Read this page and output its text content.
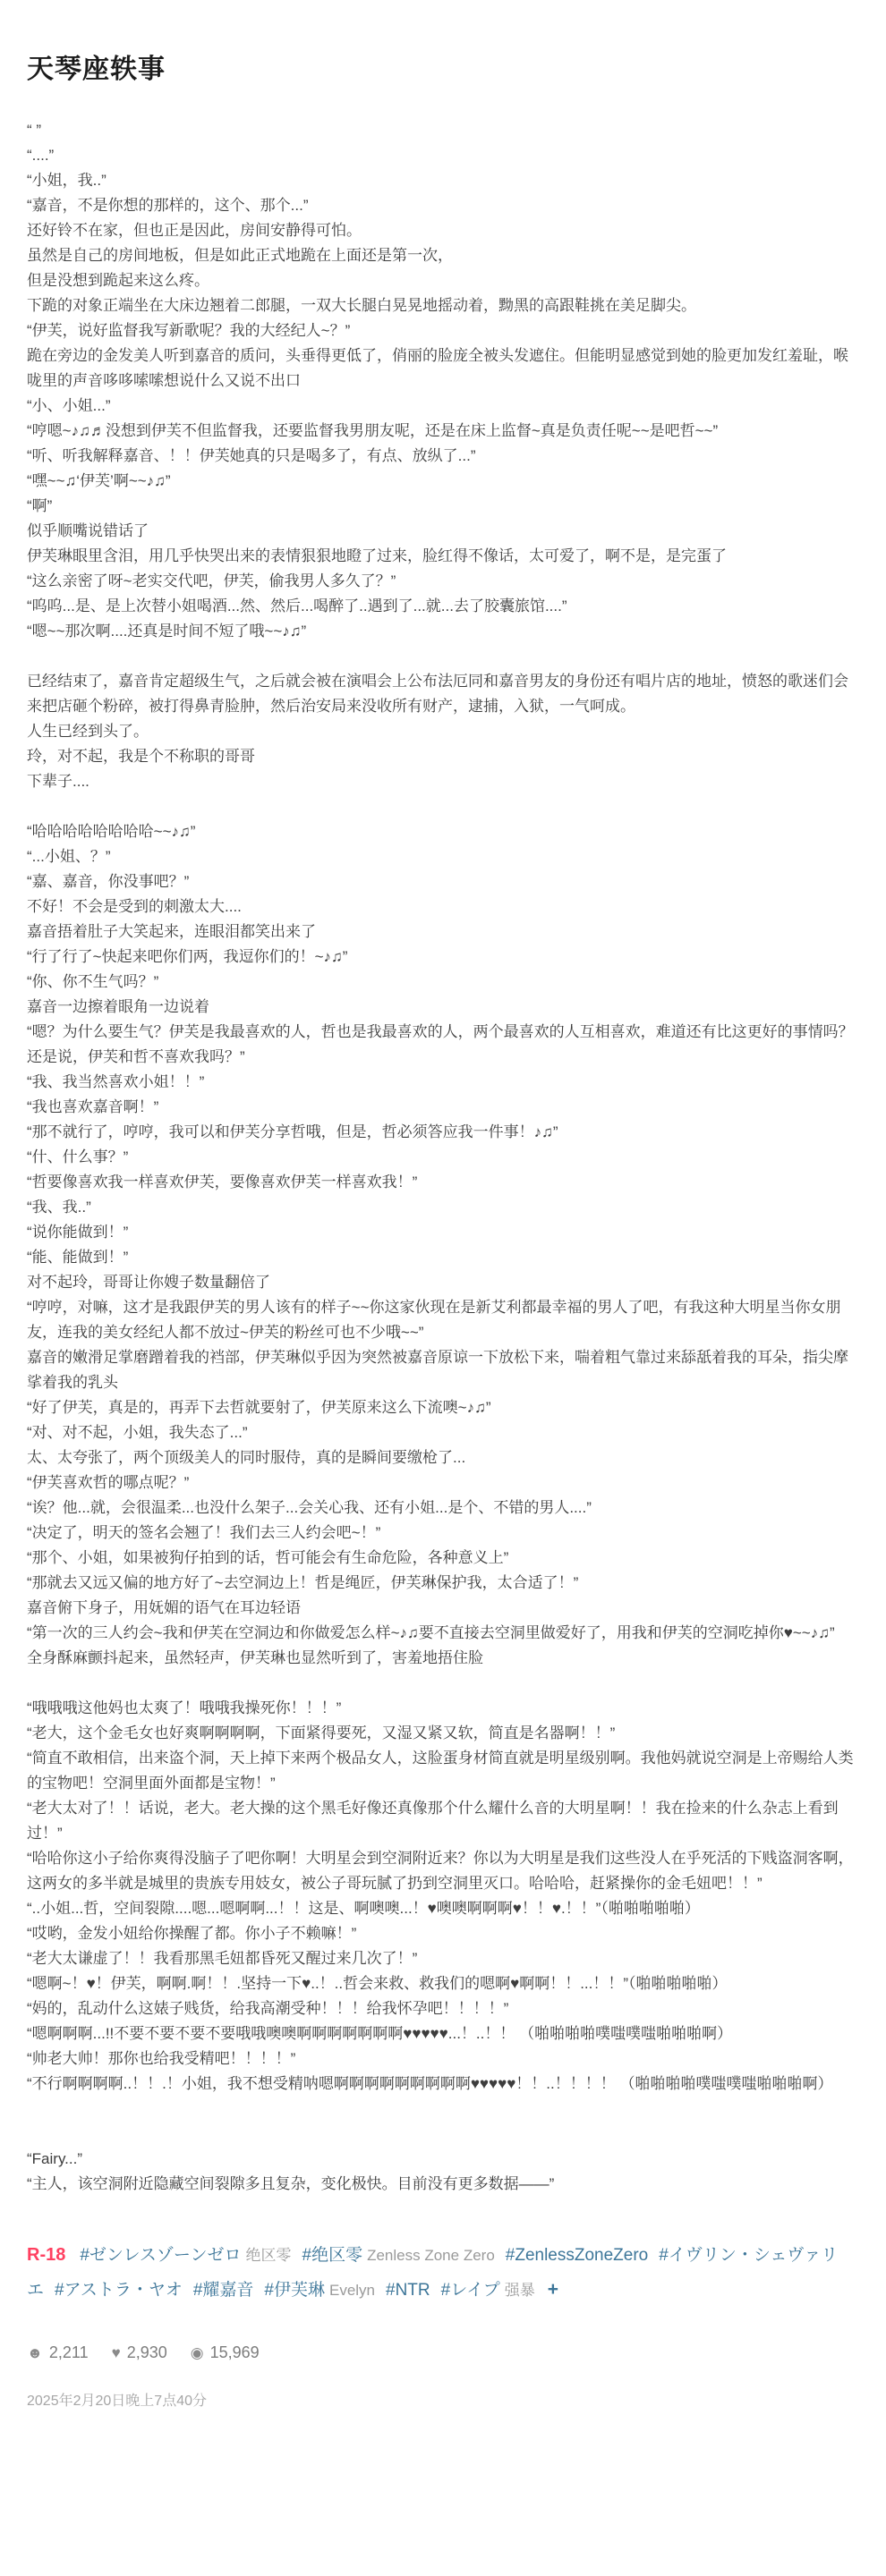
天琴座轶事

“ ”

“....”

“小姐，我..”

“嘉音，不是你想的那样的，这个、那个...”

还好铃不在家，但也正是因此，房间安静得可怕。

虽然是自己的房间地板，但是如此正式地跪在上面还是第一次，

但是没想到跪起来这么疼。

下跪的对象正端坐在大床边翘着二郎腿，一双大长腿白晃晃地摇动着，黝黑的高跟鞋挑在美足脚尖。

“伊芙，说好监督我写新歌呢？我的大经纪人~？”

跪在旁边的金发美人听到嘉音的质问，头垂得更低了，俏丽的脸庞全被头发遮住。但能明显感觉到她的脸更加发红羞耻，喉咙里的声音哆哆嗦嗦想说什么又说不出口

“小、小姐...”

“哼嗯~♪♫♬没想到伊芙不但监督我，还要监督我男朋友呢，还是在床上监督~真是负责任呢~~是吧哲~~”

“听、听我解释嘉音、！！伊芙她真的只是喝多了，有点、放纵了...”

“嘿~~♫‘伊芙’啊~~♪♫”

“啊”

似乎顺嘴说错话了

伊芙琳眼里含泪，用几乎快哭出来的表情狠狠地瞪了过来，脸红得不像话，太可爱了，啊不是，是完蛋了

“这么亲密了呀~老实交代吧，伊芙，偷我男人多久了？”

“呜呜...是、是上次替小姐喝酒...然、然后...喝醉了..遇到了...就...去了胶囊旅馆....”

“嗯~~那次啊....还真是时间不短了哦~~♪♫”

已经结束了，嘉音肯定超级生气，之后就会被在演唱会上公布法厄同和嘉音男友的身份还有唱片店的地址，愤怒的歌迷们会来把店砸个粉碎，被打得鼻青脸肿，然后治安局来没收所有财产，逮捕，入狱，一气呵成。

人生已经到头了。

玲，对不起，我是个不称职的哥哥

下辈子....

“哈哈哈哈哈哈哈哈~~♪♫”

“...小姐、？”

“嘉、嘉音，你没事吧？”

不好！不会是受到的刺激太大....

嘉音捂着肚子大笑起来，连眼泪都笑出来了

“行了行了~快起来吧你们两，我逗你们的！~♪♫”

“你、你不生气吗？”

嘉音一边擦着眼角一边说着

“嗯？为什么要生气？伊芙是我最喜欢的人，哲也是我最喜欢的人，两个最喜欢的人互相喜欢，难道还有比这更好的事情吗？还是说，伊芙和哲不喜欢我吗？”

“我、我当然喜欢小姐！！”

“我也喜欢嘉音啊！”

“那不就行了，哼哼，我可以和伊芙分享哲哦，但是，哲必须答应我一件事！♪♫”

“什、什么事？”

“哲要像喜欢我一样喜欢伊芙，要像喜欢伊芙一样喜欢我！”

“我、我..”

“说你能做到！”

“能、能做到！”

对不起玲，哥哥让你嫂子数量翻倍了

“哼哼，对嘛，这才是我跟伊芙的男人该有的样子~~你这家伙现在是新艾利都最幸福的男人了吧，有我这种大明星当你女朋友，连我的美女经纪人都不放过~伊芙的粉丝可也不少哦~~”

嘉音的嫩滑足掌磨蹭着我的裆部，伊芙琳似乎因为突然被嘉音原谅一下放松下来，喘着粗气靠过来舔舐着我的耳朵，指尖摩挲着我的乳头

“好了伊芙，真是的，再弄下去哲就要射了，伊芙原来这么下流噢~♪♫”

“对、对不起，小姐，我失态了...”

太、太夸张了，两个顶级美人的同时服侍，真的是瞬间要缴枪了...

“伊芙喜欢哲的哪点呢？”

“诶？他...就，会很温柔...也没什么架子...会关心我、还有小姐...是个、不错的男人....”

“决定了，明天的签名会翘了！我们去三人约会吧~！”

“那个、小姐，如果被狗仔拍到的话，哲可能会有生命危险，各种意义上”

“那就去又远又偏的地方好了~去空洞边上！哲是绳匠，伊芙琳保护我，太合适了！”

嘉音俯下身子，用妩媚的语气在耳边轻语

“第一次的三人约会~我和伊芙在空洞边和你做爱怎么样~♪♫要不直接去空洞里做爱好了，用我和伊芙的空洞吃掉你♥~~♪♫”

全身酥麻颤抖起来，虽然轻声，伊芙琳也显然听到了，害羞地捂住脸

“哦哦哦这他妈也太爽了！哦哦我操死你！！！”

“老大，这个金毛女也好爽啊啊啊啊，下面紧得要死，又湿又紧又软，简直是名器啊！！”

“简直不敢相信，出来盗个洞，天上掉下来两个极品女人，这脸蛋身材简直就是明星级别啊。我他妈就说空洞是上帝赐给人类的宝物吧！空洞里面外面都是宝物！”

“老大太对了！！话说，老大。老大操的这个黑毛好像还真像那个什么耀什么音的大明星啊！！我在捡来的什么杂志上看到过！”

“哈哈你这小子给你爽得没脑子了吧你啊！大明星会到空洞附近来？你以为大明星是我们这些没人在乎死活的下贱盗洞客啊，这两女的多半就是城里的贵族专用妓女，被公子哥玩腻了扔到空洞里灭口。哈哈哈，赶紧操你的金毛妞吧！！”

“..小姐...哲，空间裂隙....嗯...嗯啊啊...！！这是、啊噢噢...！♥噢噢啊啊啊♥！！♥.！！”（啪啪啪啪啪）

“哎哟，金发小妞给你操醒了都。你小子不赖嘛！”

“老大太谦虚了！！我看那黑毛妞都昏死又醒过来几次了！”

“嗯啊~！♥！伊芙，啊啊.啊！！.坚持一下♥..！..哲会来救、救我们的嗯啊♥啊啊！！...！！”（啪啪啪啪啪）

“妈的，乱动什么这婊子贱货，给我高潮受种！！！给我怀孕吧！！！！”

“嗯啊啊啊...!!不要不要不要不要哦哦噢噢啊啊啊啊啊啊啊♥♥♥♥♥...！..！！ （啪啪啪啪噗嗤噗嗤啪啪啪啊）

“帅老大帅！那你也给我受精吧！！！！”

“不行啊啊啊啊..！！.！小姐，我不想受精呐嗯啊啊啊啊啊啊啊啊啊♥♥♥♥♥！！..！！！！ （啪啪啪啪噗嗤噗嗤啪啪啪啊）

“Fairy...”

“主人，该空洞附近隐藏空间裂隙多且复杂，变化极快。目前没有更多数据——”

R-18 #ゼンレスゾーンゼロ 绝区零 #绝区零 Zenless Zone Zero #ZenlessZoneZero #イヴリン・シェヴァリエ #アストラ・ヤオ #耀嘉音 #伊芙琳 Evelyn #NTR #レイプ 强暴 +
☻ 2,211 ♥ 2,930 ◉ 15,969
2025年2月20日晚上7点40分
